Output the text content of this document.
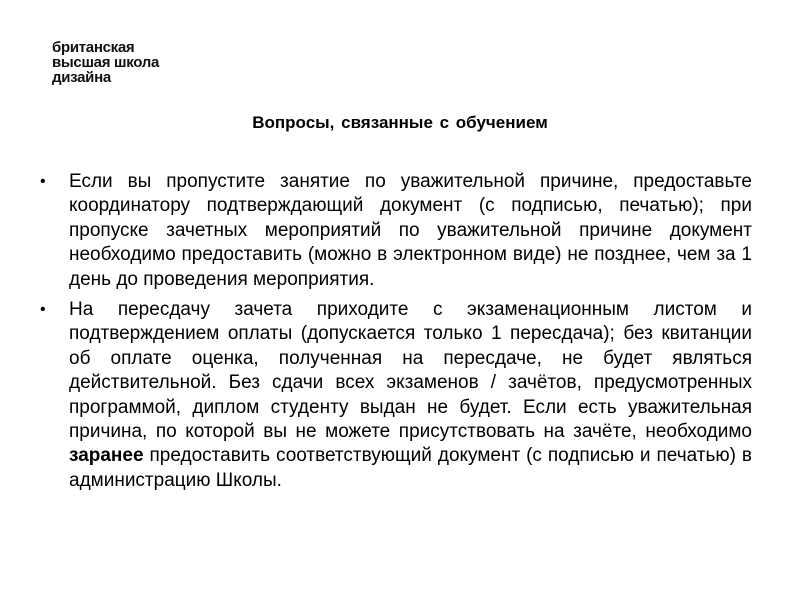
британская
высшая школа
дизайна
Вопросы, связанные с обучением
• Если вы пропустите занятие по уважительной причине, предоставьте координатору подтверждающий документ (с подписью, печатью); при пропуске зачетных мероприятий по уважительной причине документ необходимо предоставить (можно в электронном виде) не позднее, чем за 1 день до проведения мероприятия.
• На пересдачу зачета приходите с экзаменационным листом и подтверждением оплаты (допускается только 1 пересдача); без квитанции об оплате оценка, полученная на пересдаче, не будет являться действительной. Без сдачи всех экзаменов / зачётов, предусмотренных программой, диплом студенту выдан не будет. Если есть уважительная причина, по которой вы не можете присутствовать на зачёте, необходимо заранее предоставить соответствующий документ (с подписью и печатью) в администрацию Школы.
